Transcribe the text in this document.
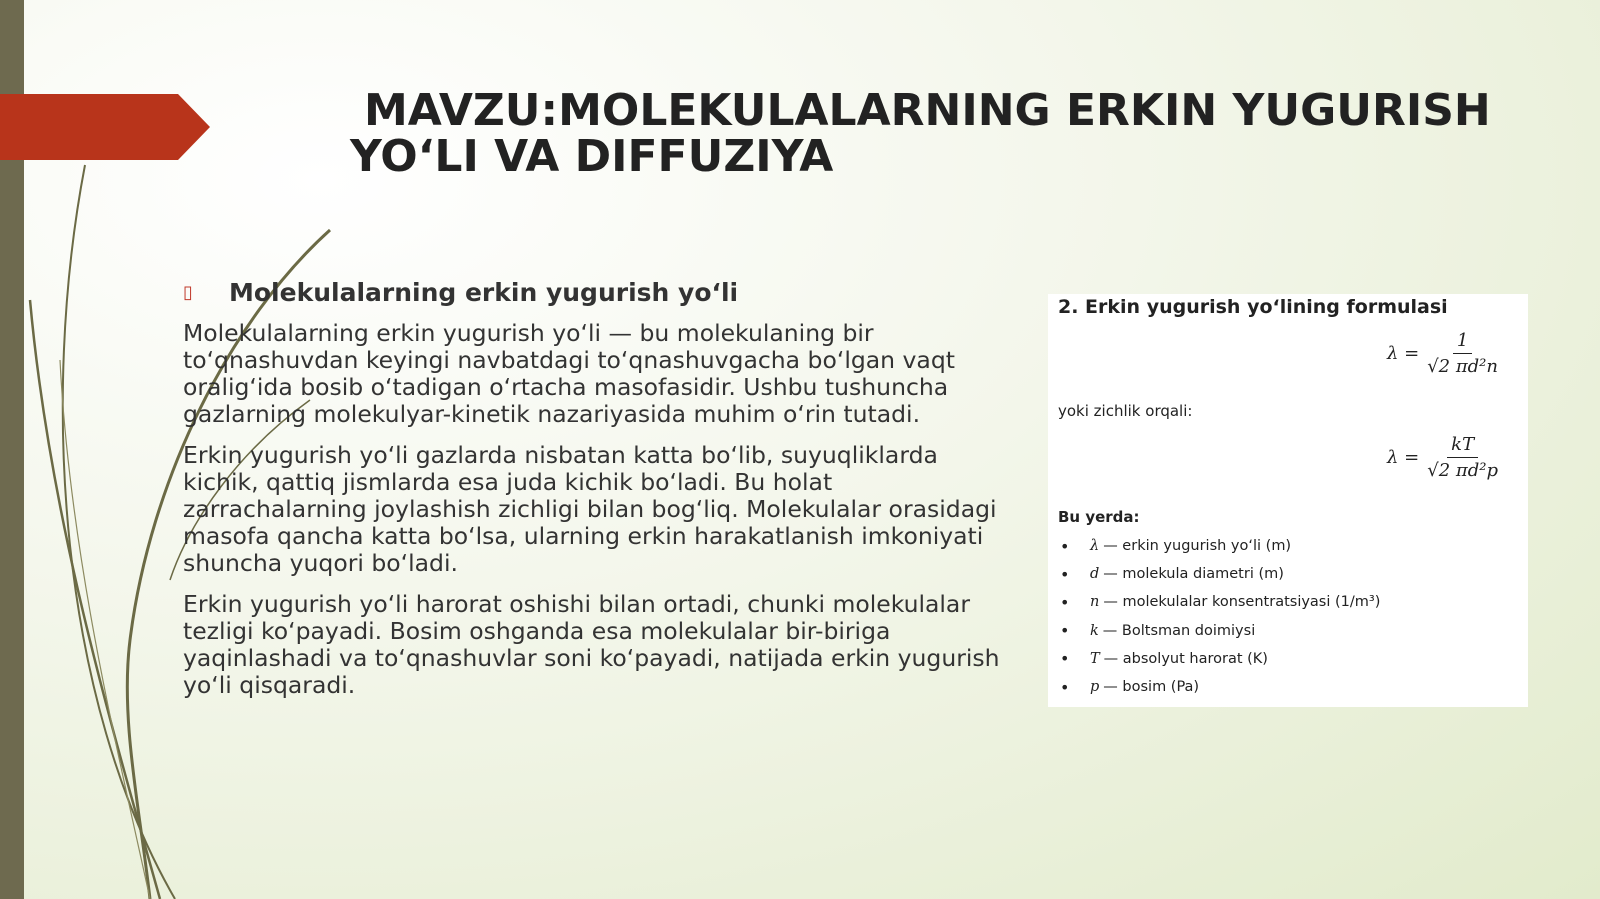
MAVZU:MOLEKULALARNING ERKIN YUGURISH
YO‘LI VA DIFFUZIYA
▯	Molekulalarning erkin yugurish yo‘li

Molekulalarning erkin yugurish yo‘li — bu molekulaning bir to‘qnashuvdan keyingi navbatdagi to‘qnashuvgacha bo‘lgan vaqt oralig‘ida bosib o‘tadigan o‘rtacha masofasidir. Ushbu tushuncha gazlarning molekulyar-kinetik nazariyasida muhim o‘rin tutadi.

Erkin yugurish yo‘li gazlarda nisbatan katta bo‘lib, suyuqliklarda kichik, qattiq jismlarda esa juda kichik bo‘ladi. Bu holat zarrachalarning joylashish zichligi bilan bog‘liq. Molekulalar orasidagi masofa qancha katta bo‘lsa, ularning erkin harakatlanish imkoniyati shuncha yuqori bo‘ladi.

Erkin yugurish yo‘li harorat oshishi bilan ortadi, chunki molekulalar tezligi ko‘payadi. Bosim oshganda esa molekulalar bir-biriga yaqinlashadi va to‘qnashuvlar soni ko‘payadi, natijada erkin yugurish yo‘li qisqaradi.

2. Erkin yugurish yo‘lining formulasi
$\lambda = \frac{1}{\text{√2 πd²n}}$
yoki zichlik orqali:
$\lambda = \frac{kT}{\text{√2 πd²p}}$
Bu yerda:
•	λ — erkin yugurish yo‘li (m)
•	d — molekula diametri (m)
•	n — molekulalar konsentratsiyasi (1/m³)
•	k — Boltsman doimiysi
•	T — absolyut harorat (K)
•	p — bosim (Pa)
